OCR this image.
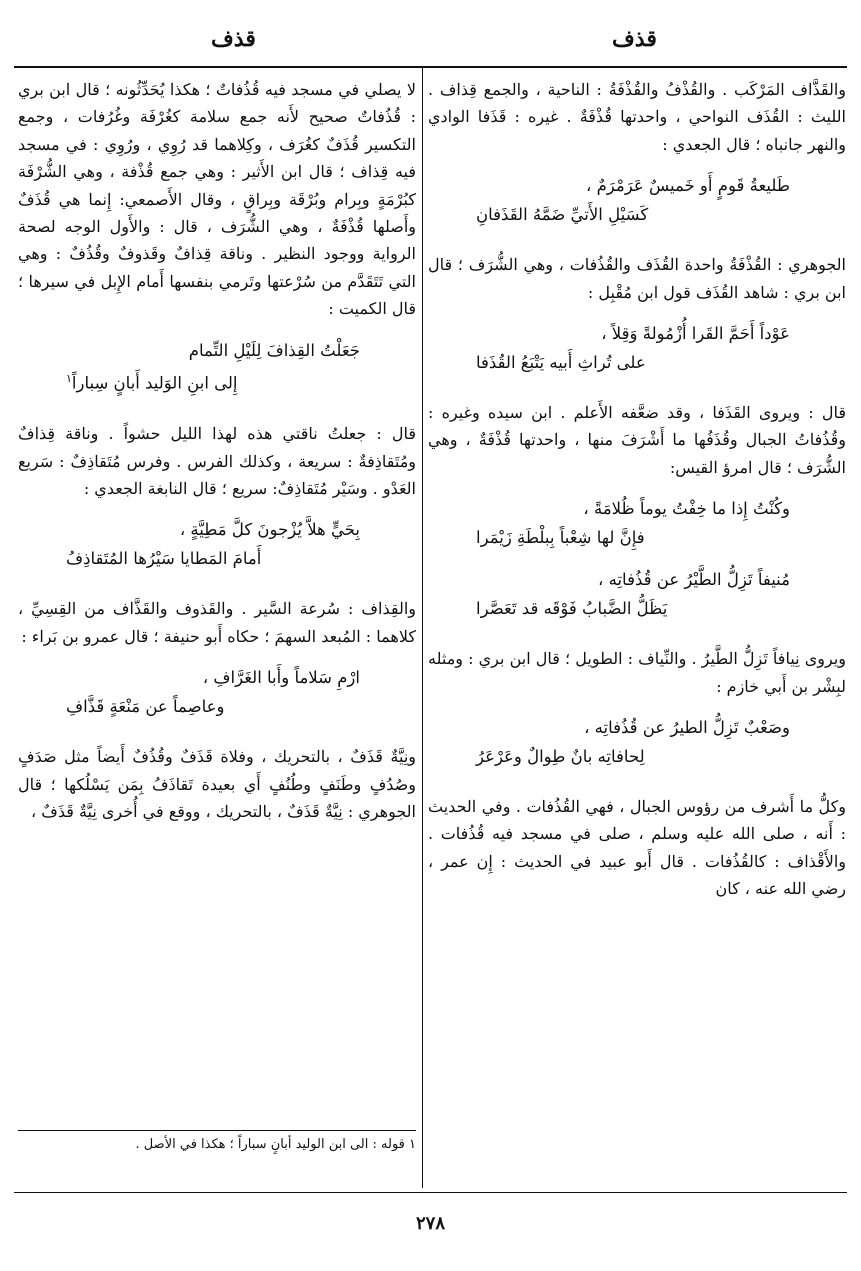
قذف
قذف

والقَذَّاف المَرْكَب . والقُذْفُ والقُذْفَةُ : الناحية ، والجمع قِذاف . الليث : القُذَف النواحي ، واحدتها قُذْفَةٌ . غيره : قَذَفا الوادي والنهر جانباه ؛ قال الجعدي :

طَليعةُ قَومٍ أَو خَميسٌ عَرَمْرَمٌ ،
كَسَيْلِ الأَتيِّ ضَمَّهُ القَذَفانِ

الجوهري : القُذْفَةُ واحدة القُذَف والقُذُفات ، وهي الشُّرَف ؛ قال ابن بري : شاهد القُذَف قول ابن مُقْبِل :

عَوْداً أَحَمَّ القَرا أُزْمُولةً وَقِلاً ،
على تُراثِ أَبيه يَتْبَعُ القُذَفا

قال : ويروى القَذَفا ، وقد ضعَّفه الأَعلم . ابن سيده وغيره : وقُذُفاتُ الجبال وقُذَفُها ما أَشْرَفَ منها ، واحدتها قُذْفَةٌ ، وهي الشُّرَف ؛ قال امرؤ القيس:

وكُنْتُ إِذا ما خِفْتُ يوماً ظُلامَةً ،
فإِنَّ لها شِعْباً بِبلْطَةِ زَيْمَرا
مُنيفاً تَزِلُّ الطَّيْرُ عن قُذُفاتِه ،
يَظَلُّ الضَّبابُ فَوْقَه قد تَعَصَّرا

ويروى نِيافاً تَزِلُّ الطَّيرُ . والنِّياف : الطويل ؛ قال ابن بري : ومثله لبِشْر بن أَبي خازم :

وصَعْبٌ تَزِلُّ الطيرُ عن قُذُفاتِه ،
لِحافاتِه بانٌ طِوالٌ وعَرْعَرُ

وكلُّ ما أَشرف من رؤوس الجبال ، فهي القُذُفات . وفي الحديث : أَنه ، صلى الله عليه وسلم ، صلى في مسجد فيه قُذُفات . والأَقْذاف : كالقُذُفات . قال أَبو عبيد في الحديث : إِن عمر ، رضي الله عنه ، كان

لا يصلي في مسجد فيه قُذُفاتٌ ؛ هكذا يُحَدِّثُونه ؛ قال ابن بري : قُذُفاتٌ صحيح لأَنه جمع سلامة كغُرْفَة وغُرُفات ، وجمع التكسير قُذَفٌ كغُرَف ، وكِلاهما قد رُوِي ، ورُوِي : في مسجد فيه قِذاف ؛ قال ابن الأَثير : وهي جمع قُذْفة ، وهي الشُّرْفَة كبُرْمَةٍ وبِرام وبُرْقَة وبِراقٍ ، وقال الأَصمعي: إِنما هي قُذَفٌ وأَصلها قُذْفَةٌ ، وهي الشُّرَف ، قال : والأَول الوجه لصحة الرواية ووجود النظير . وناقة قِذافٌ وقَذوفٌ وقُذُفٌ : وهي التي تَتَقَدَّم من سُرْعتها وتَرمي بنفسها أَمام الإِبل في سيرها ؛ قال الكميت :

جَعَلْتُ القِذافَ لِلَيْلِ التِّمام
إِلى ابنِ الوَليد أَبانٍ سِباراً$^١$

قال : جعلتُ ناقتي هذه لهذا الليل حشواً . وناقة قِذافٌ ومُتَقاذِفةٌ : سريعة ، وكذلك الفرس . وفرس مُتَقاذِفٌ : سَريع العَدْو . وسَيْر مُتَقاذِفٌ: سريع ؛ قال النابغة الجعدي :

بِحَيٍّ هلاَّ يُزْجونَ كلَّ مَطِيَّةٍ ،
أَمامَ المَطايا سَيْرُها المُتَقاذِفُ

والقِذاف : سُرعة السَّير . والقَذوف والقَذَّاف من القِسِيِّ ، كلاهما : المُبعد السهمَ ؛ حكاه أَبو حنيفة ؛ قال عمرو بن بَراء :

ارْمِ سَلاماً وأَبا الغَرَّافِ ،
وعاصِماً عن مَنْعَةٍ قَذَّافِ

ونِيَّةٌ قَذَفٌ ، بالتحريك ، وفلاة قَذَفٌ وقُذُفٌ أَيضاً مثل صَدَفٍ وصُدُفٍ وطَنَفٍ وطُنُفٍ أَي بعيدة تَقاذَفُ بِمَن يَسْلُكها ؛ قال الجوهري : نِيَّةٌ قَذَفٌ ، بالتحريك ، ووقع في أُخرى نِيَّةٌ قَذَفٌ ،

١ قوله : الى ابن الوليد أبانٍ سباراً ؛ هكذا في الأصل .
٢٧٨
